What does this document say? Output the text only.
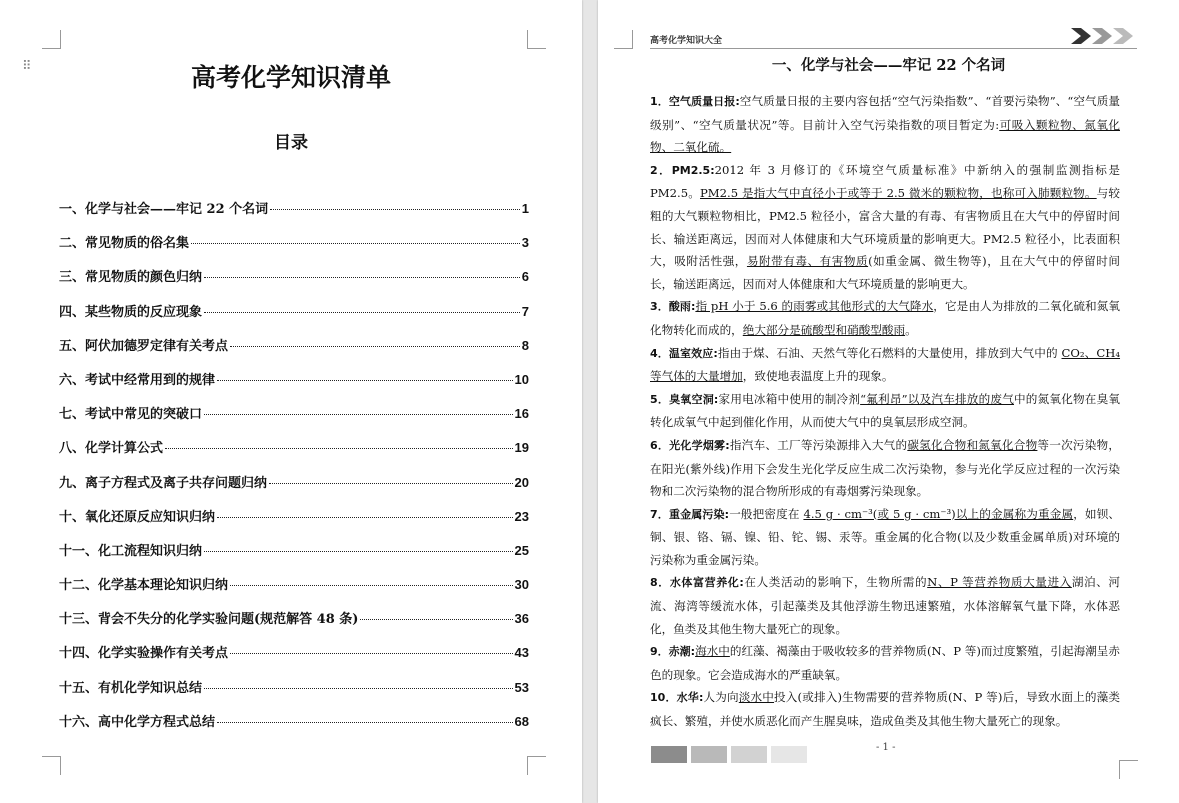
⠿	高考化学知识清单
目录
一、化学与社会——牢记 22 个名词	1
二、常见物质的俗名集	3
三、常见物质的颜色归纳	6
四、某些物质的反应现象	7
五、阿伏加德罗定律有关考点	8
六、考试中经常用到的规律	10
七、考试中常见的突破口	16
八、化学计算公式	19
九、离子方程式及离子共存问题归纳	20
十、氧化还原反应知识归纳	23
十一、化工流程知识归纳	25
十二、化学基本理论知识归纳	30
十三、背会不失分的化学实验问题(规范解答 48 条)	36
十四、化学实验操作有关考点	43
十五、有机化学知识总结	53
十六、高中化学方程式总结	68
高考化学知识大全
一、化学与社会——牢记 22 个名词

1．空气质量日报:空气质量日报的主要内容包括“空气污染指数”、“首要污染物”、“空气质量级别”、“空气质量状况”等。目前计入空气污染指数的项目暂定为:可吸入颗粒物、氮氧化物、二氧化硫。

2．PM2.5:2012 年 3 月修订的《环境空气质量标准》中新纳入的强制监测指标是 PM2.5。PM2.5 是指大气中直径小于或等于 2.5 微米的颗粒物，也称可入肺颗粒物。与较粗的大气颗粒物相比，PM2.5 粒径小，富含大量的有毒、有害物质且在大气中的停留时间长、输送距离远，因而对人体健康和大气环境质量的影响更大。PM2.5 粒径小，比表面积大，吸附活性强，易附带有毒、有害物质(如重金属、微生物等)，且在大气中的停留时间长，输送距离远，因而对人体健康和大气环境质量的影响更大。

3．酸雨:指 pH 小于 5.6 的雨雾或其他形式的大气降水，它是由人为排放的二氧化硫和氮氧化物转化而成的，绝大部分是硫酸型和硝酸型酸雨。

4．温室效应:指由于煤、石油、天然气等化石燃料的大量使用，排放到大气中的 CO₂、CH₄ 等气体的大量增加，致使地表温度上升的现象。

5．臭氧空洞:家用电冰箱中使用的制冷剂“氟利昂”以及汽车排放的废气中的氮氧化物在臭氧转化成氧气中起到催化作用，从而使大气中的臭氧层形成空洞。

6．光化学烟雾:指汽车、工厂等污染源排入大气的碳氢化合物和氮氧化合物等一次污染物，在阳光(紫外线)作用下会发生光化学反应生成二次污染物，参与光化学反应过程的一次污染物和二次污染物的混合物所形成的有毒烟雾污染现象。

7．重金属污染:一般把密度在 4.5 g · cm⁻³(或 5 g · cm⁻³)以上的金属称为重金属，如钡、铜、银、铬、镉、镍、铅、铊、锡、汞等。重金属的化合物(以及少数重金属单质)对环境的污染称为重金属污染。

8．水体富营养化:在人类活动的影响下，生物所需的N、P 等营养物质大量进入湖泊、河流、海湾等缓流水体，引起藻类及其他浮游生物迅速繁殖，水体溶解氧气量下降，水体恶化，鱼类及其他生物大量死亡的现象。

9．赤潮:海水中的红藻、褐藻由于吸收较多的营养物质(N、P 等)而过度繁殖，引起海潮呈赤色的现象。它会造成海水的严重缺氧。

10．水华:人为向淡水中投入(或排入)生物需要的营养物质(N、P 等)后，导致水面上的藻类疯长、繁殖，并使水质恶化而产生腥臭味，造成鱼类及其他生物大量死亡的现象。

- 1 -
